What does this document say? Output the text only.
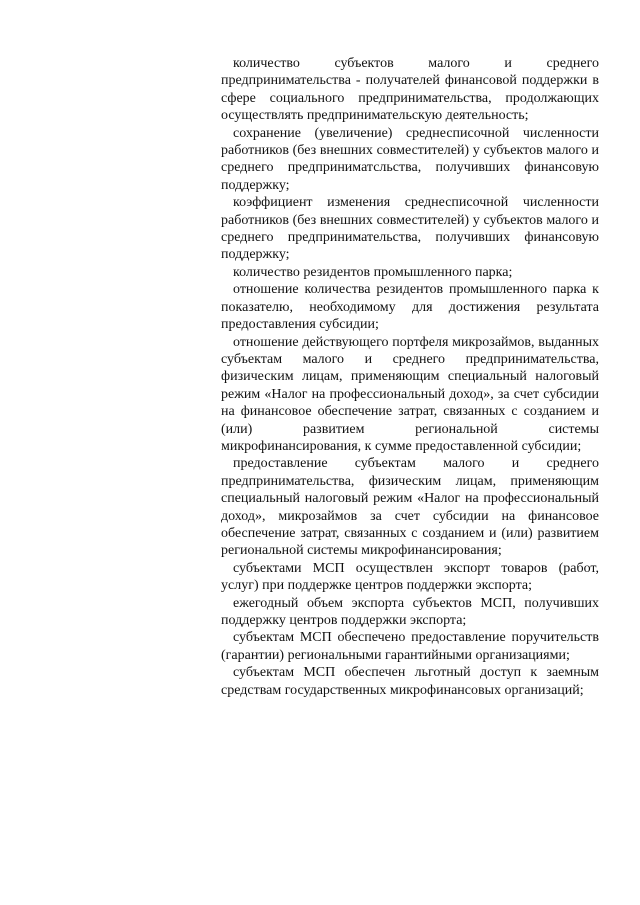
количество субъектов малого и среднего предпринимательства - получателей финансовой поддержки в сфере социального предпринимательства, продолжающих осуществлять предпринимательскую деятельность;

сохранение (увеличение) среднесписочной численности работников (без внешних совместителей) у субъектов малого и среднего предприниматсльства, получивших финансовую поддержку;

коэффициент изменения среднесписочной численности работников (без внешних совместителей) у субъектов малого и среднего предпринимательства, получивших финансовую поддержку;

количество резидентов промышленного парка;

отношение количества резидентов промышленного парка к показателю, необходимому для достижения результата предоставления субсидии;

отношение действующего портфеля микрозаймов, выданных субъектам малого и среднего предпринимательства, физическим лицам, применяющим специальный налоговый режим «Налог на профессиональный доход», за счет субсидии на финансовое обеспечение затрат, связанных с созданием и (или) развитием региональной системы микрофинансирования, к сумме предоставленной субсидии;

предоставление субъектам малого и среднего предпринимательства, физическим лицам, применяющим специальный налоговый режим «Налог на профессиональный доход», микрозаймов за счет субсидии на финансовое обеспечение затрат, связанных с созданием и (или) развитием региональной системы микрофинансирования;

субъектами МСП осуществлен экспорт товаров (работ, услуг) при поддержке центров поддержки экспорта;

ежегодный объем экспорта субъектов МСП, получивших поддержку центров поддержки экспорта;

субъектам МСП обеспечено предоставление поручительств (гарантии) региональными гарантийными организациями;

субъектам МСП обеспечен льготный доступ к заемным средствам государственных микрофинансовых организаций;
